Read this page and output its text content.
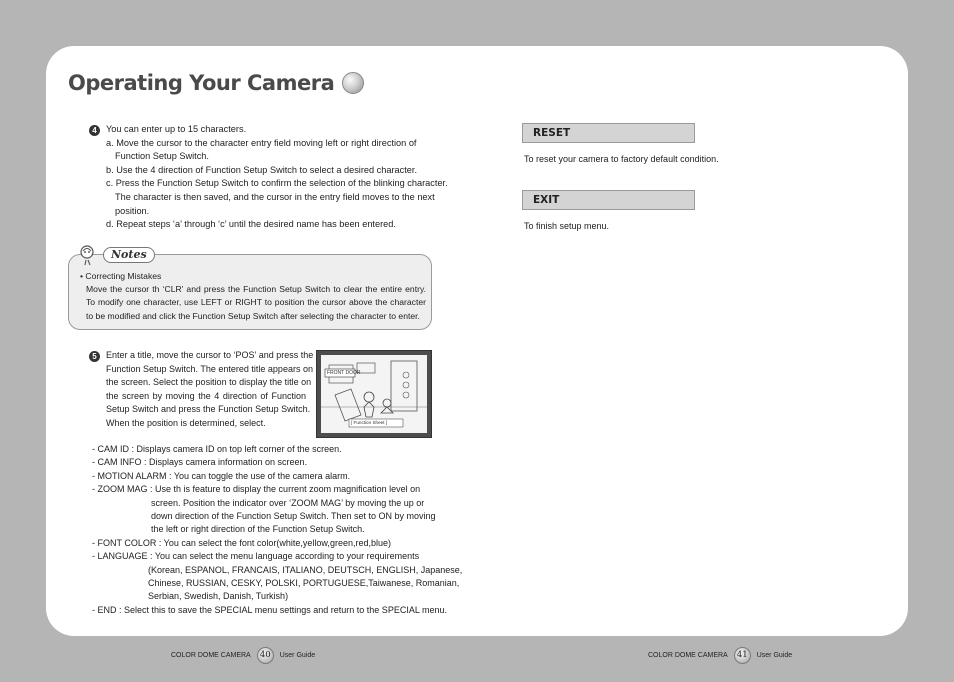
Operating Your Camera
4	You can enter up to 15 characters.
a. Move the cursor to the character entry field moving left or right direction of
Function Setup Switch.
b. Use the 4 direction of Function Setup Switch to select a desired character.
c. Press the Function Setup Switch to confirm the selection of the blinking character.
The character is then saved, and the cursor in the entry field moves to the next
position.
d. Repeat steps ‘a’ through ‘c’ until the desired name has been entered.
Notes
• Correcting Mistakes
Move the cursor th ‘CLR’ and press the Function Setup Switch to clear the entire entry.
To modify one character, use LEFT or RIGHT to position the cursor above the character
to be modified and click the Function Setup Switch after selecting the character to enter.
5	Enter a title, move the cursor to ‘POS’ and press the
Function Setup Switch. The entered title appears on
the screen. Select the position to display the title on
the screen by moving the 4 direction of Function
Setup Switch and press the Function Setup Switch.
When the position is determined, select.
FRONT DOOR
[ Function Sheet ]
- CAM ID : Displays camera ID on top left corner of the screen.
- CAM INFO : Displays camera information on screen.
- MOTION ALARM : You can toggle the use of the camera alarm.
- ZOOM MAG : Use th is feature to display the current zoom magnification level on
screen. Position the indicator over ‘ZOOM MAG’ by moving the up or
down direction of the Function Setup Switch. Then set to ON by moving
the left or right direction of the Function Setup Switch.
- FONT COLOR : You can select the font color(white,yellow,green,red,blue)
- LANGUAGE : You can select the menu language according to your requirements
(Korean, ESPANOL, FRANCAIS, ITALIANO, DEUTSCH, ENGLISH, Japanese,
Chinese, RUSSIAN, CESKY, POLSKI, PORTUGUESE,Taiwanese, Romanian,
Serbian, Swedish, Danish, Turkish)
- END : Select this to save the SPECIAL menu settings and return to the SPECIAL menu.
RESET
To reset your camera to factory default condition.
EXIT
To finish setup menu.
COLOR DOME CAMERA	40	User Guide	COLOR DOME CAMERA	41	User Guide
